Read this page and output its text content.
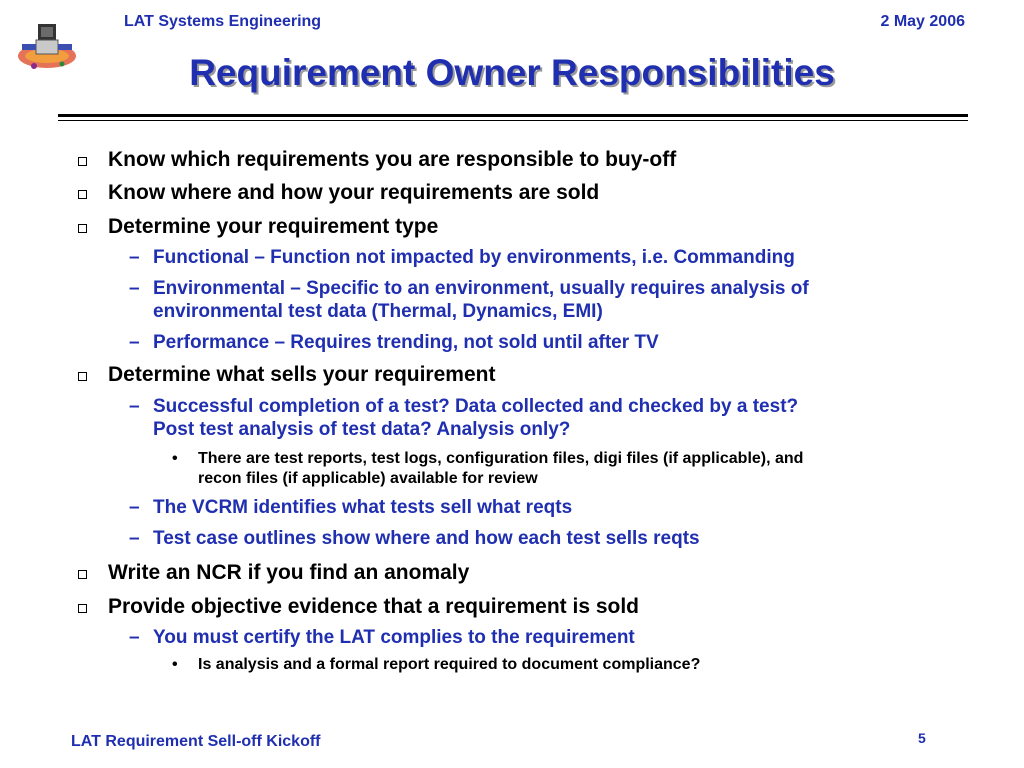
LAT Systems Engineering	2 May 2006
Requirement Owner Responsibilities
Know which requirements you are responsible to buy-off
Know where and how your requirements are sold
Determine your requirement type
– Functional – Function not impacted by environments, i.e. Commanding
– Environmental – Specific to an environment, usually requires analysis of
environmental test data (Thermal, Dynamics, EMI)
– Performance – Requires trending, not sold until after TV
Determine what sells your requirement
– Successful completion of a test? Data collected and checked by a test?
Post test analysis of test data? Analysis only?
• There are test reports, test logs, configuration files, digi files (if applicable), and
recon files (if applicable) available for review
– The VCRM identifies what tests sell what reqts
– Test case outlines show where and how each test sells reqts
Write an NCR if you find an anomaly
Provide objective evidence that a requirement is sold
– You must certify the LAT complies to the requirement
• Is analysis and a formal report required to document compliance?
LAT Requirement Sell-off Kickoff	5
